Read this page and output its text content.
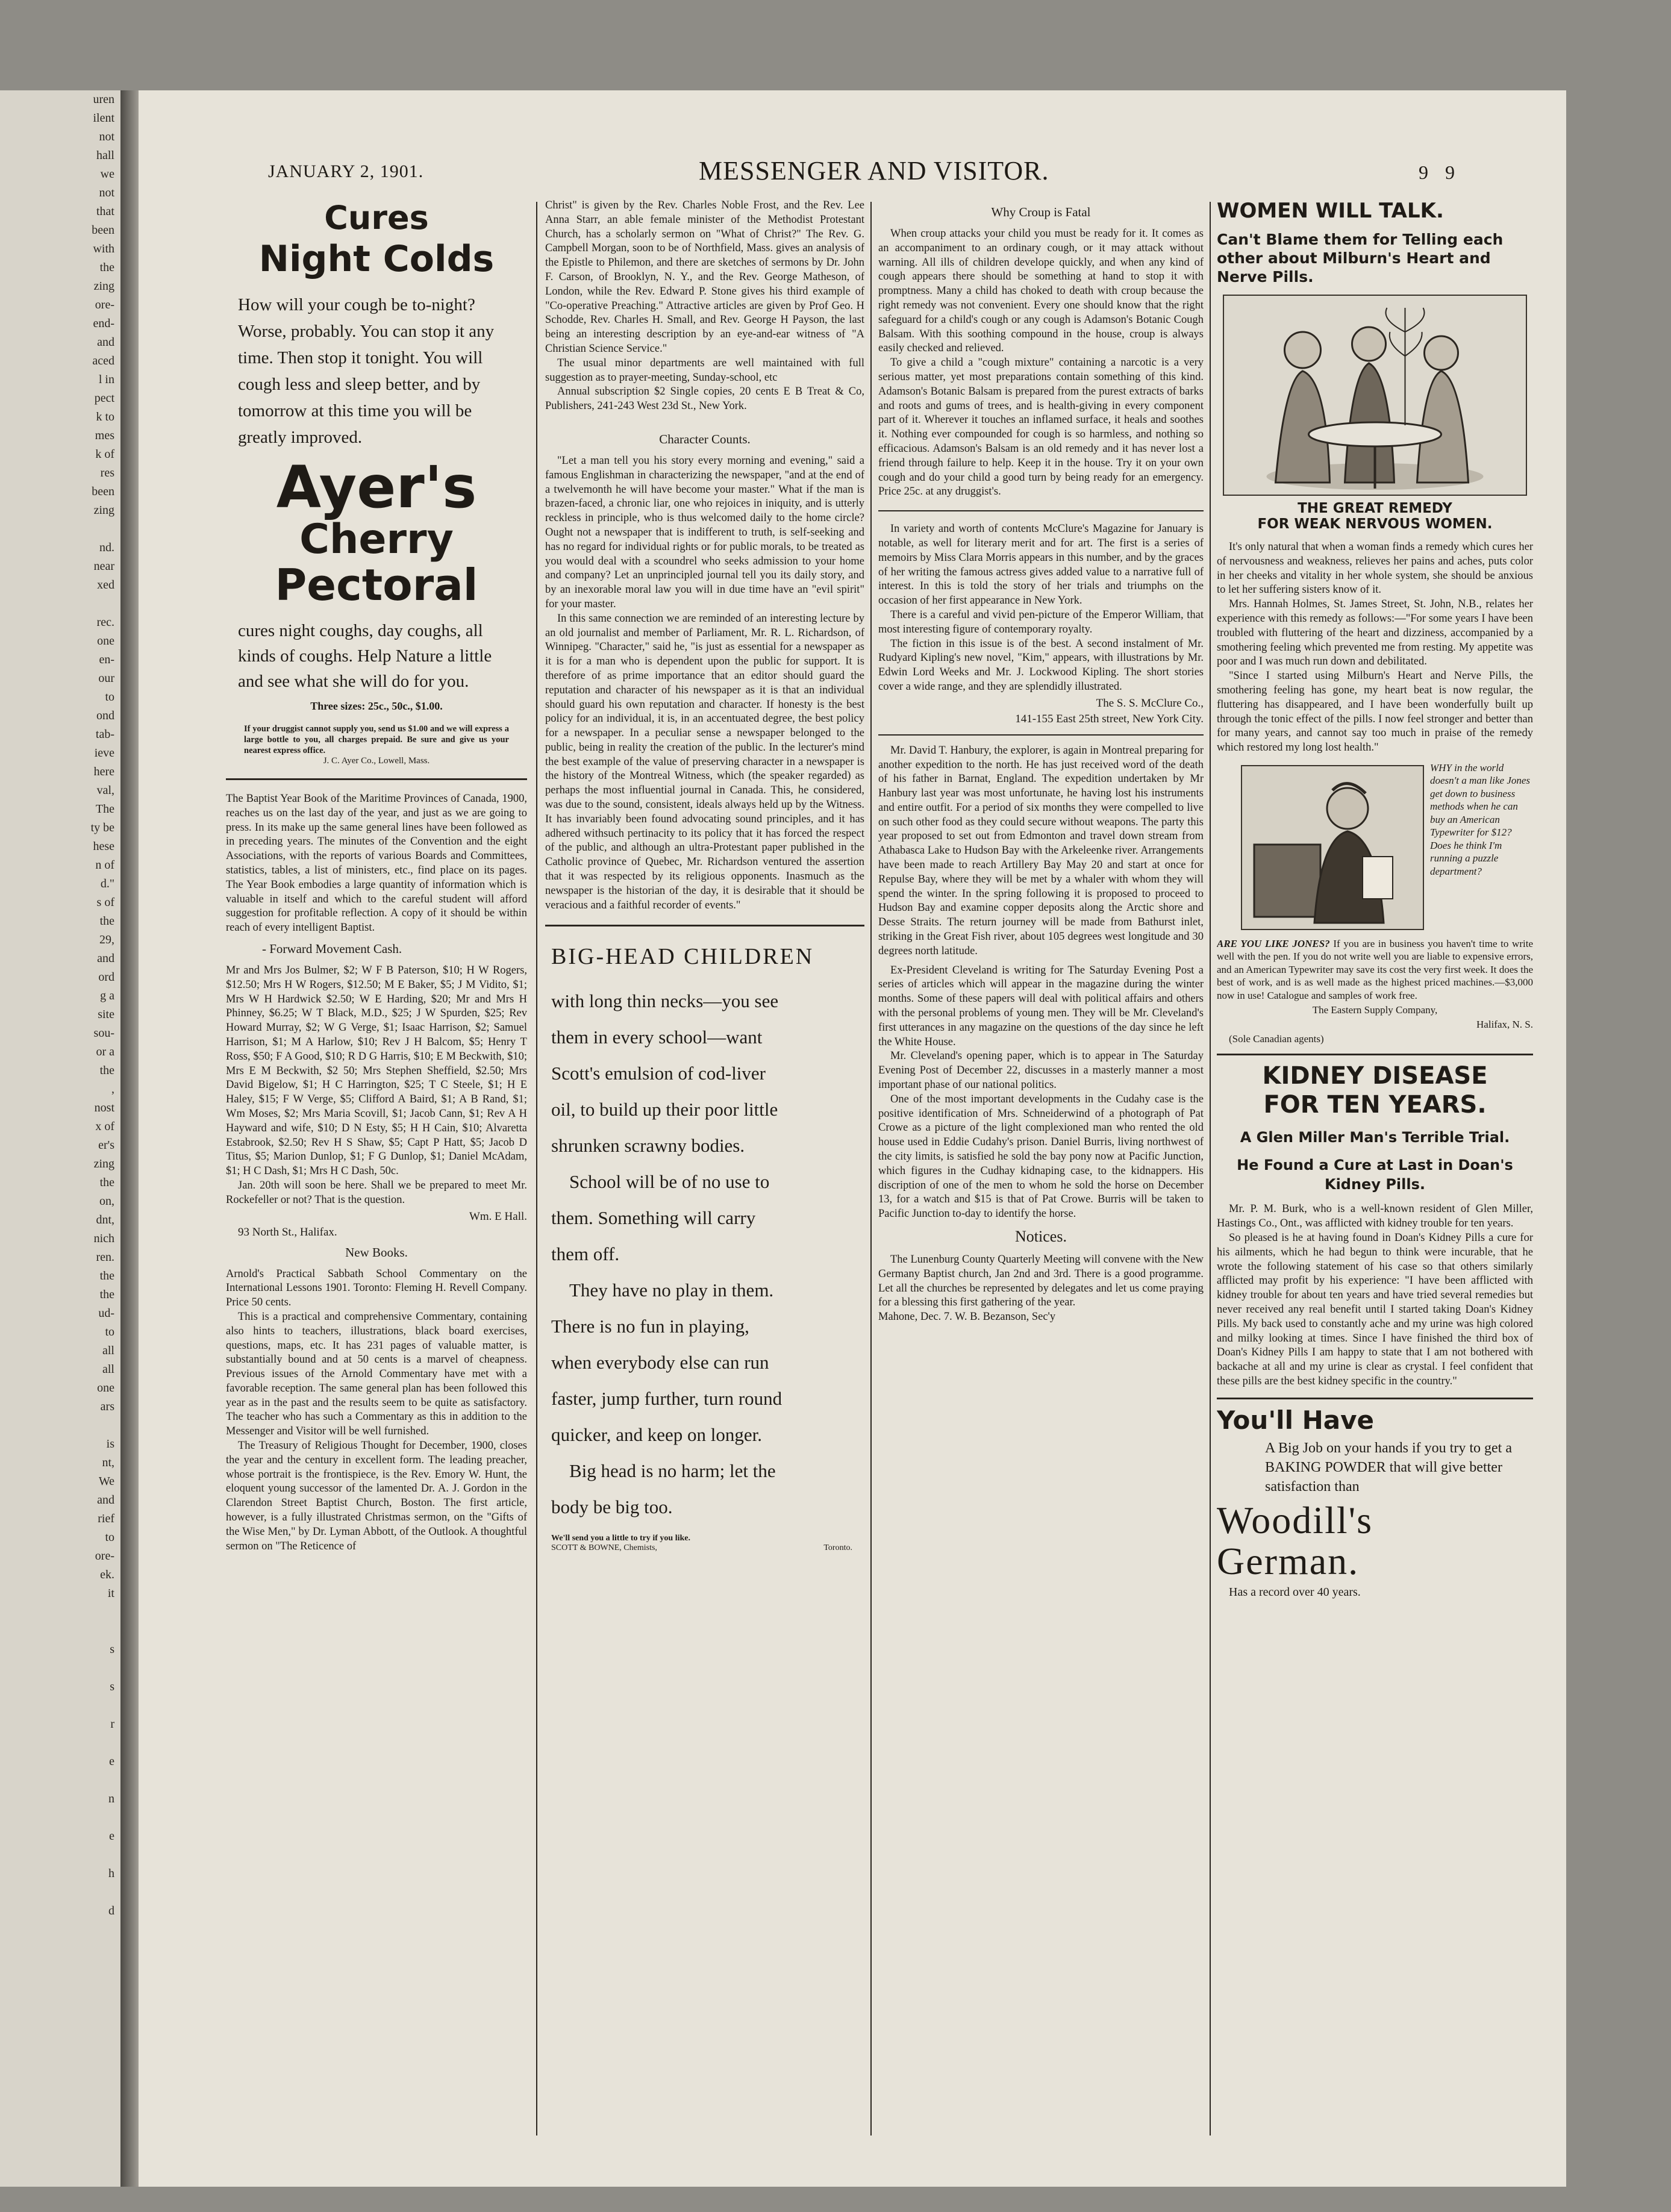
uren
ilent
not
hall
we
not
that
been
with
the
zing
ore-
end-
and
aced
l in
pect
k to
mes
k of
res
been
zing

nd.
near
xed

rec.
one
en-
our
to
ond
tab-
ieve
here
val,
The
ty be
hese
n of
d."
s of
the
29,
and
ord
g a
site
sou-
or a
the
,
nost
x of
er's
zing
the
on,
dnt,
nich
ren.
the
the
ud-
to
all
all
one
ars

is
nt,
We
and
rief
to
ore-
ek.
it

s

s

r

e

n

e

h

d
JANUARY 2, 1901.	MESSENGER AND VISITOR.	9 9
Cures
Night Colds

How will your cough be to-night? Worse, probably. You can stop it any time. Then stop it tonight. You will cough less and sleep better, and by tomorrow at this time you will be greatly improved.

Ayer's
Cherry
Pectoral

cures night coughs, day coughs, all kinds of coughs. Help Nature a little and see what she will do for you.

Three sizes: 25c., 50c., $1.00.

If your druggist cannot supply you, send us $1.00 and we will express a large bottle to you, all charges prepaid. Be sure and give us your nearest express office.

J. C. Ayer Co., Lowell, Mass.

The Baptist Year Book of the Maritime Provinces of Canada, 1900, reaches us on the last day of the year, and just as we are going to press. In its make up the same general lines have been followed as in preceding years. The minutes of the Convention and the eight Associations, with the reports of various Boards and Committees, statistics, tables, a list of ministers, etc., find place on its pages. The Year Book embodies a large quantity of information which is valuable in itself and which to the careful student will afford suggestion for profitable reflection. A copy of it should be within reach of every intelligent Baptist.

- Forward Movement Cash.

Mr and Mrs Jos Bulmer, $2; W F B Paterson, $10; H W Rogers, $12.50; Mrs H W Rogers, $12.50; M E Baker, $5; J M Vidito, $1; Mrs W H Hardwick $2.50; W E Harding, $20; Mr and Mrs H Phinney, $6.25; W T Black, M.D., $25; J W Spurden, $25; Rev Howard Murray, $2; W G Verge, $1; Isaac Harrison, $2; Samuel Harrison, $1; M A Harlow, $10; Rev J H Balcom, $5; Henry T Ross, $50; F A Good, $10; R D G Harris, $10; E M Beckwith, $10; Mrs E M Beckwith, $2 50; Mrs Stephen Sheffield, $2.50; Mrs David Bigelow, $1; H C Harrington, $25; T C Steele, $1; H E Haley, $15; F W Verge, $5; Clifford A Baird, $1; A B Rand, $1; Wm Moses, $2; Mrs Maria Scovill, $1; Jacob Cann, $1; Rev A H Hayward and wife, $10; D N Esty, $5; H H Cain, $10; Alvaretta Estabrook, $2.50; Rev H S Shaw, $5; Capt P Hatt, $5; Jacob D Titus, $5; Marion Dunlop, $1; F G Dunlop, $1; Daniel McAdam, $1; H C Dash, $1; Mrs H C Dash, 50c.

Jan. 20th will soon be here. Shall we be prepared to meet Mr. Rockefeller or not? That is the question.

Wm. E Hall.
93 North St., Halifax.
New Books.

Arnold's Practical Sabbath School Commentary on the International Lessons 1901. Toronto: Fleming H. Revell Company. Price 50 cents.

This is a practical and comprehensive Commentary, containing also hints to teachers, illustrations, black board exercises, questions, maps, etc. It has 231 pages of valuable matter, is substantially bound and at 50 cents is a marvel of cheapness. Previous issues of the Arnold Commentary have met with a favorable reception. The same general plan has been followed this year as in the past and the results seem to be quite as satisfactory. The teacher who has such a Commentary as this in addition to the Messenger and Visitor will be well furnished.

The Treasury of Religious Thought for December, 1900, closes the year and the century in excellent form. The leading preacher, whose portrait is the frontispiece, is the Rev. Emory W. Hunt, the eloquent young successor of the lamented Dr. A. J. Gordon in the Clarendon Street Baptist Church, Boston. The first article, however, is a fully illustrated Christmas sermon, on the "Gifts of the Wise Men," by Dr. Lyman Abbott, of the Outlook. A thoughtful sermon on "The Reticence of

Christ" is given by the Rev. Charles Noble Frost, and the Rev. Lee Anna Starr, an able female minister of the Methodist Protestant Church, has a scholarly sermon on "What of Christ?" The Rev. G. Campbell Morgan, soon to be of Northfield, Mass. gives an analysis of the Epistle to Philemon, and there are sketches of sermons by Dr. John F. Carson, of Brooklyn, N. Y., and the Rev. George Matheson, of London, while the Rev. Edward P. Stone gives his third example of "Co-operative Preaching." Attractive articles are given by Prof Geo. H Schodde, Rev. Charles H. Small, and Rev. George H Payson, the last being an interesting description by an eye-and-ear witness of "A Christian Science Service."

The usual minor departments are well maintained with full suggestion as to prayer-meeting, Sunday-school, etc

Annual subscription $2 Single copies, 20 cents E B Treat & Co, Publishers, 241-243 West 23d St., New York.

Character Counts.

"Let a man tell you his story every morning and evening," said a famous Englishman in characterizing the newspaper, "and at the end of a twelvemonth he will have become your master." What if the man is brazen-faced, a chronic liar, one who rejoices in iniquity, and is utterly reckless in principle, who is thus welcomed daily to the home circle? Ought not a newspaper that is indifferent to truth, is self-seeking and has no regard for individual rights or for public morals, to be treated as you would deal with a scoundrel who seeks admission to your home and company? Let an unprincipled journal tell you its daily story, and by an inexorable moral law you will in due time have an "evil spirit" for your master.

In this same connection we are reminded of an interesting lecture by an old journalist and member of Parliament, Mr. R. L. Richardson, of Winnipeg. "Character," said he, "is just as essential for a newspaper as it is for a man who is dependent upon the public for support. It is therefore of as prime importance that an editor should guard the reputation and character of his newspaper as it is that an individual should guard his own reputation and character. If honesty is the best policy for an individual, it is, in an accentuated degree, the best policy for a newspaper. In a peculiar sense a newspaper belonged to the public, being in reality the creation of the public. In the lecturer's mind the best example of the value of preserving character in a newspaper is the history of the Montreal Witness, which (the speaker regarded) as perhaps the most influential journal in Canada. This, he considered, was due to the sound, consistent, ideals always held up by the Witness. It has invariably been found advocating sound principles, and it has adhered withsuch pertinacity to its policy that it has forced the respect of the public, and although an ultra-Protestant paper published in the Catholic province of Quebec, Mr. Richardson ventured the assertion that it was respected by its religious opponents. Inasmuch as the newspaper is the historian of the day, it is desirable that it should be veracious and a faithful recorder of events."

BIG-HEAD CHILDREN
with long thin necks—you see
them in every school—want
Scott's emulsion of cod-liver
oil, to build up their poor little
shrunken scrawny bodies.
School will be of no use to
them. Something will carry
them off.
They have no play in them.
There is no fun in playing,
when everybody else can run
faster, jump further, turn round
quicker, and keep on longer.
Big head is no harm; let the
body be big too.
We'll send you a little to try if you like.
SCOTT & BOWNE, Chemists,	Toronto.
Why Croup is Fatal

When croup attacks your child you must be ready for it. It comes as an accompaniment to an ordinary cough, or it may attack without warning. All ills of children develope quickly, and when any kind of cough appears there should be something at hand to stop it with promptness. Many a child has choked to death with croup because the right remedy was not convenient. Every one should know that the right safeguard for a child's cough or any cough is Adamson's Botanic Cough Balsam. With this soothing compound in the house, croup is always easily checked and relieved.

To give a child a "cough mixture" containing a narcotic is a very serious matter, yet most preparations contain something of this kind. Adamson's Botanic Balsam is prepared from the purest extracts of barks and roots and gums of trees, and is health-giving in every component part of it. Wherever it touches an inflamed surface, it heals and soothes it. Nothing ever compounded for cough is so harmless, and nothing so efficacious. Adamson's Balsam is an old remedy and it has never lost a friend through failure to help. Keep it in the house. Try it on your own cough and do your child a good turn by being ready for an emergency. Price 25c. at any druggist's.

In variety and worth of contents McClure's Magazine for January is notable, as well for literary merit and for art. The first is a series of memoirs by Miss Clara Morris appears in this number, and by the graces of her writing the famous actress gives added value to a narrative full of interest. In this is told the story of her trials and triumphs on the occasion of her first appearance in New York.

There is a careful and vivid pen-picture of the Emperor William, that most interesting figure of contemporary royalty.

The fiction in this issue is of the best. A second instalment of Mr. Rudyard Kipling's new novel, "Kim," appears, with illustrations by Mr. Edwin Lord Weeks and Mr. J. Lockwood Kipling. The short stories cover a wide range, and they are splendidly illustrated.

The S. S. McClure Co.,
141-155 East 25th street, New York City.

Mr. David T. Hanbury, the explorer, is again in Montreal preparing for another expedition to the north. He has just received word of the death of his father in Barnat, England. The expedition undertaken by Mr Hanbury last year was most unfortunate, he having lost his instruments and entire outfit. For a period of six months they were compelled to live on such other food as they could secure without weapons. The party this year proposed to set out from Edmonton and travel down stream from Athabasca Lake to Hudson Bay with the Arkeleenke river. Arrangements have been made to reach Artillery Bay May 20 and start at once for Repulse Bay, where they will be met by a whaler with whom they will spend the winter. In the spring following it is proposed to proceed to Hudson Bay and examine copper deposits along the Arctic shore and Desse Straits. The return journey will be made from Bathurst inlet, striking in the Great Fish river, about 105 degrees west longitude and 30 degrees north latitude.

Ex-President Cleveland is writing for The Saturday Evening Post a series of articles which will appear in the magazine during the winter months. Some of these papers will deal with political affairs and others with the personal problems of young men. They will be Mr. Cleveland's first utterances in any magazine on the questions of the day since he left the White House.

Mr. Cleveland's opening paper, which is to appear in The Saturday Evening Post of December 22, discusses in a masterly manner a most important phase of our national politics.

One of the most important developments in the Cudahy case is the positive identification of Mrs. Schneiderwind of a photograph of Pat Crowe as a picture of the light complexioned man who rented the old house used in Eddie Cudahy's prison. Daniel Burris, living northwest of the city limits, is satisfied he sold the bay pony now at Pacific Junction, which figures in the Cudhay kidnaping case, to the kidnappers. His discription of one of the men to whom he sold the horse on December 13, for a watch and $15 is that of Pat Crowe. Burris will be taken to Pacific Junction to-day to identify the horse.

Notices.

The Lunenburg County Quarterly Meeting will convene with the New Germany Baptist church, Jan 2nd and 3rd. There is a good programme. Let all the churches be represented by delegates and let us come praying for a blessing this first gathering of the year.

Mahone, Dec. 7. W. B. Bezanson, Sec'y
WOMEN WILL TALK.
Can't Blame them for Telling each other about Milburn's Heart and Nerve Pills.
THE GREAT REMEDY
FOR WEAK NERVOUS WOMEN.

It's only natural that when a woman finds a remedy which cures her of nervousness and weakness, relieves her pains and aches, puts color in her cheeks and vitality in her whole system, she should be anxious to let her suffering sisters know of it.

Mrs. Hannah Holmes, St. James Street, St. John, N.B., relates her experience with this remedy as follows:—"For some years I have been troubled with fluttering of the heart and dizziness, accompanied by a smothering feeling which prevented me from resting. My appetite was poor and I was much run down and debilitated.

"Since I started using Milburn's Heart and Nerve Pills, the smothering feeling has gone, my heart beat is now regular, the fluttering has disappeared, and I have been wonderfully built up through the tonic effect of the pills. I now feel stronger and better than for many years, and cannot say too much in praise of the remedy which restored my long lost health."

WHY in the world doesn't a man like Jones get down to business methods when he can buy an American Typewriter for $12? Does he think I'm running a puzzle department?

ARE YOU LIKE JONES? If you are in business you haven't time to write well with the pen. If you do not write well you are liable to expensive errors, and an American Typewriter may save its cost the very first week. It does the best of work, and is as well made as the highest priced machines.—$3,000 now in use! Catalogue and samples of work free.

The Eastern Supply Company,
Halifax, N. S.
(Sole Canadian agents)
KIDNEY DISEASE
FOR TEN YEARS.
A Glen Miller Man's Terrible Trial.
He Found a Cure at Last in Doan's Kidney Pills.

Mr. P. M. Burk, who is a well-known resident of Glen Miller, Hastings Co., Ont., was afflicted with kidney trouble for ten years.

So pleased is he at having found in Doan's Kidney Pills a cure for his ailments, which he had begun to think were incurable, that he wrote the following statement of his case so that others similarly afflicted may profit by his experience: "I have been afflicted with kidney trouble for about ten years and have tried several remedies but never received any real benefit until I started taking Doan's Kidney Pills. My back used to constantly ache and my urine was high colored and milky looking at times. Since I have finished the third box of Doan's Kidney Pills I am happy to state that I am not bothered with backache at all and my urine is clear as crystal. I feel confident that these pills are the best kidney specific in the country."

You'll Have

A Big Job on your hands if you try to get a BAKING POWDER that will give better satisfaction than

Woodill's
German.
Has a record over 40 years.
